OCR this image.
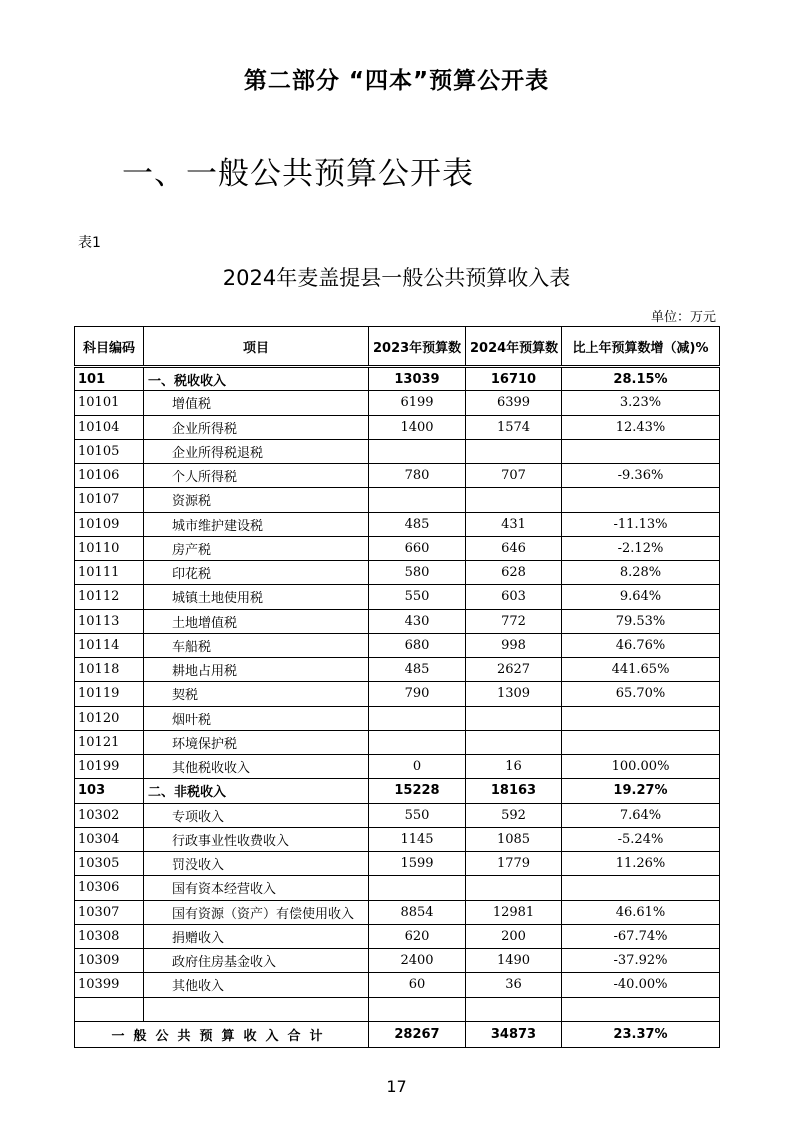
第二部分 “四本”预算公开表
一、一般公共预算公开表
表1
2024年麦盖提县一般公共预算收入表
单位：万元
科目编码	项目	2023年预算数	2024年预算数	比上年预算数增（减)%
101	一、税收收入	13039	16710	28.15%
10101	增值税	6199	6399	3.23%
10104	企业所得税	1400	1574	12.43%
10105	企业所得税退税			
10106	个人所得税	780	707	-9.36%
10107	资源税			
10109	城市维护建设税	485	431	-11.13%
10110	房产税	660	646	-2.12%
10111	印花税	580	628	8.28%
10112	城镇土地使用税	550	603	9.64%
10113	土地增值税	430	772	79.53%
10114	车船税	680	998	46.76%
10118	耕地占用税	485	2627	441.65%
10119	契税	790	1309	65.70%
10120	烟叶税			
10121	环境保护税			
10199	其他税收收入	0	16	100.00%
103	二、非税收入	15228	18163	19.27%
10302	专项收入	550	592	7.64%
10304	行政事业性收费收入	1145	1085	-5.24%
10305	罚没收入	1599	1779	11.26%
10306	国有资本经营收入			
10307	国有资源（资产）有偿使用收入	8854	12981	46.61%
10308	捐赠收入	620	200	-67.74%
10309	政府住房基金收入	2400	1490	-37.92%
10399	其他收入	60	36	-40.00%

一般公共预算收入合计		28267	34873	23.37%
17
